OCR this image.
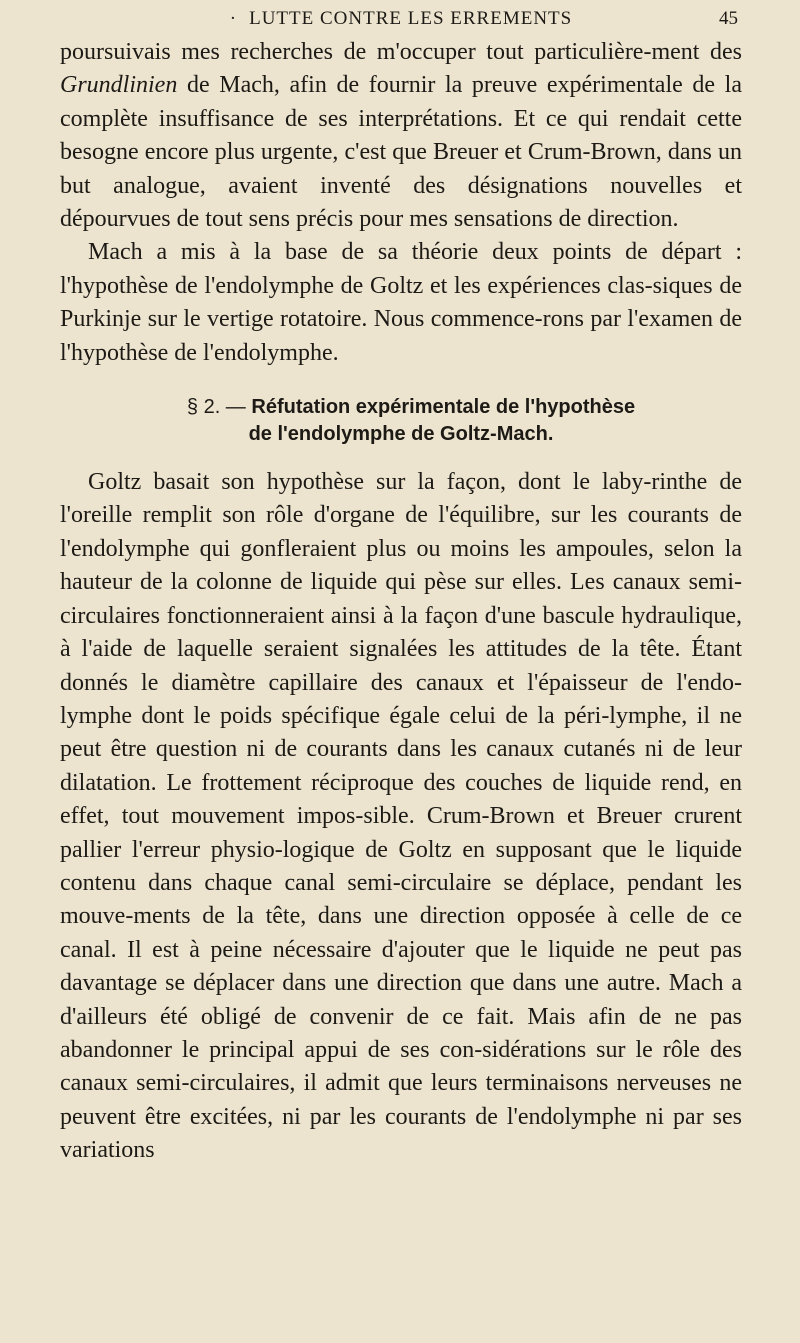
· LUTTE CONTRE LES ERREMENTS	45

poursuivais mes recherches de m'occuper tout particulière-ment des Grundlinien de Mach, afin de fournir la preuve expérimentale de la complète insuffisance de ses interprétations. Et ce qui rendait cette besogne encore plus urgente, c'est que Breuer et Crum-Brown, dans un but analogue, avaient inventé des désignations nouvelles et dépourvues de tout sens précis pour mes sensations de direction.

Mach a mis à la base de sa théorie deux points de départ : l'hypothèse de l'endolymphe de Goltz et les expériences clas-siques de Purkinje sur le vertige rotatoire. Nous commence-rons par l'examen de l'hypothèse de l'endolymphe.

§ 2. — Réfutation expérimentale de l'hypothèse
de l'endolymphe de Goltz-Mach.

Goltz basait son hypothèse sur la façon, dont le laby-rinthe de l'oreille remplit son rôle d'organe de l'équilibre, sur les courants de l'endolymphe qui gonfleraient plus ou moins les ampoules, selon la hauteur de la colonne de liquide qui pèse sur elles. Les canaux semi-circulaires fonctionneraient ainsi à la façon d'une bascule hydraulique, à l'aide de laquelle seraient signalées les attitudes de la tête. Étant donnés le diamètre capillaire des canaux et l'épaisseur de l'endo-lymphe dont le poids spécifique égale celui de la péri-lymphe, il ne peut être question ni de courants dans les canaux cutanés ni de leur dilatation. Le frottement réciproque des couches de liquide rend, en effet, tout mouvement impos-sible. Crum-Brown et Breuer crurent pallier l'erreur physio-logique de Goltz en supposant que le liquide contenu dans chaque canal semi-circulaire se déplace, pendant les mouve-ments de la tête, dans une direction opposée à celle de ce canal. Il est à peine nécessaire d'ajouter que le liquide ne peut pas davantage se déplacer dans une direction que dans une autre. Mach a d'ailleurs été obligé de convenir de ce fait. Mais afin de ne pas abandonner le principal appui de ses con-sidérations sur le rôle des canaux semi-circulaires, il admit que leurs terminaisons nerveuses ne peuvent être excitées, ni par les courants de l'endolymphe ni par ses variations
